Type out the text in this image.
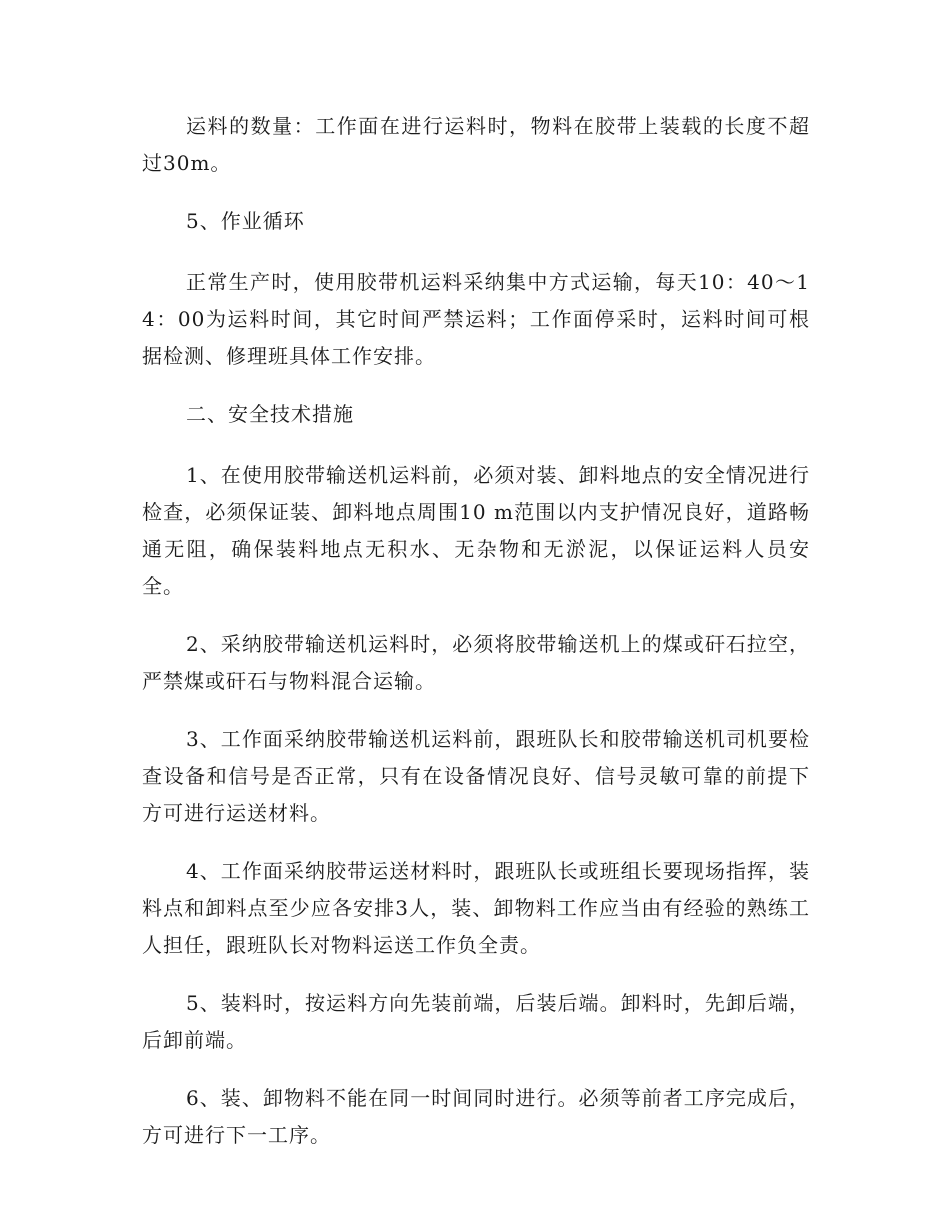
运料的数量：工作面在进行运料时，物料在胶带上装载的长度不超过30m。

5、作业循环

正常生产时，使用胶带机运料采纳集中方式运输，每天10：40～14：00为运料时间，其它时间严禁运料；工作面停采时，运料时间可根据检测、修理班具体工作安排。

二、安全技术措施

1、在使用胶带输送机运料前，必须对装、卸料地点的安全情况进行检查，必须保证装、卸料地点周围10 m范围以内支护情况良好，道路畅通无阻，确保装料地点无积水、无杂物和无淤泥，以保证运料人员安全。

2、采纳胶带输送机运料时，必须将胶带输送机上的煤或矸石拉空，严禁煤或矸石与物料混合运输。

3、工作面采纳胶带输送机运料前，跟班队长和胶带输送机司机要检查设备和信号是否正常，只有在设备情况良好、信号灵敏可靠的前提下方可进行运送材料。

4、工作面采纳胶带运送材料时，跟班队长或班组长要现场指挥，装料点和卸料点至少应各安排3人，装、卸物料工作应当由有经验的熟练工人担任，跟班队长对物料运送工作负全责。

5、装料时，按运料方向先装前端，后装后端。卸料时，先卸后端，后卸前端。

6、装、卸物料不能在同一时间同时进行。必须等前者工序完成后，方可进行下一工序。
